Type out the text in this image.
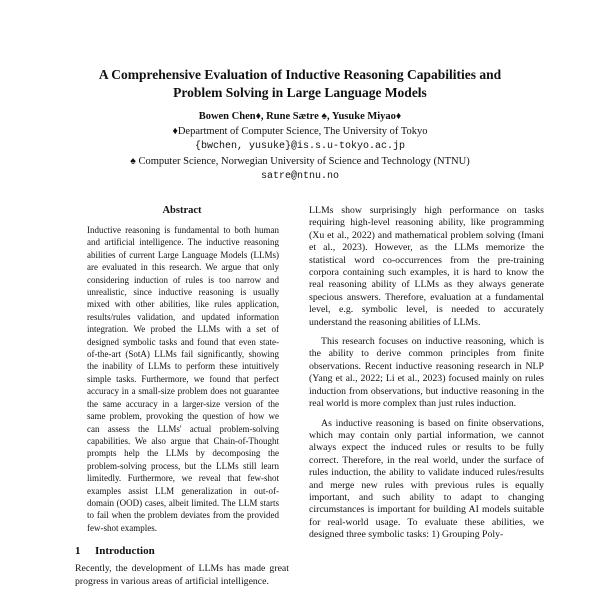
A Comprehensive Evaluation of Inductive Reasoning Capabilities and
Problem Solving in Large Language Models
Bowen Chen♦, Rune Sætre ♠, Yusuke Miyao♦
♦Department of Computer Science, The University of Tokyo
{bwchen, yusuke}@is.s.u-tokyo.ac.jp
♠ Computer Science, Norwegian University of Science and Technology (NTNU)
satre@ntnu.no

Abstract

Inductive reasoning is fundamental to both human and artificial intelligence. The inductive reasoning abilities of current Large Language Models (LLMs) are evaluated in this research. We argue that only considering induction of rules is too narrow and unrealistic, since inductive reasoning is usually mixed with other abilities, like rules application, results/rules validation, and updated information integration. We probed the LLMs with a set of designed symbolic tasks and found that even state-of-the-art (SotA) LLMs fail significantly, showing the inability of LLMs to perform these intuitively simple tasks. Furthermore, we found that perfect accuracy in a small-size problem does not guarantee the same accuracy in a larger-size version of the same problem, provoking the question of how we can assess the LLMs' actual problem-solving capabilities. We also argue that Chain-of-Thought prompts help the LLMs by decomposing the problem-solving process, but the LLMs still learn limitedly. Furthermore, we reveal that few-shot examples assist LLM generalization in out-of-domain (OOD) cases, albeit limited. The LLM starts to fail when the problem deviates from the provided few-shot examples.

1 Introduction

Recently, the development of LLMs has made great progress in various areas of artificial intelligence.

LLMs show surprisingly high performance on tasks requiring high-level reasoning ability, like programming (Xu et al., 2022) and mathematical problem solving (Imani et al., 2023). However, as the LLMs memorize the statistical word co-occurrences from the pre-training corpora containing such examples, it is hard to know the real reasoning ability of LLMs as they always generate specious answers. Therefore, evaluation at a fundamental level, e.g. symbolic level, is needed to accurately understand the reasoning abilities of LLMs.

This research focuses on inductive reasoning, which is the ability to derive common principles from finite observations. Recent inductive reasoning research in NLP (Yang et al., 2022; Li et al., 2023) focused mainly on rules induction from observations, but inductive reasoning in the real world is more complex than just rules induction.

As inductive reasoning is based on finite observations, which may contain only partial information, we cannot always expect the induced rules or results to be fully correct. Therefore, in the real world, under the surface of rules induction, the ability to validate induced rules/results and merge new rules with previous rules is equally important, and such ability to adapt to changing circumstances is important for building AI models suitable for real-world usage. To evaluate these abilities, we designed three symbolic tasks: 1) Grouping Poly-
